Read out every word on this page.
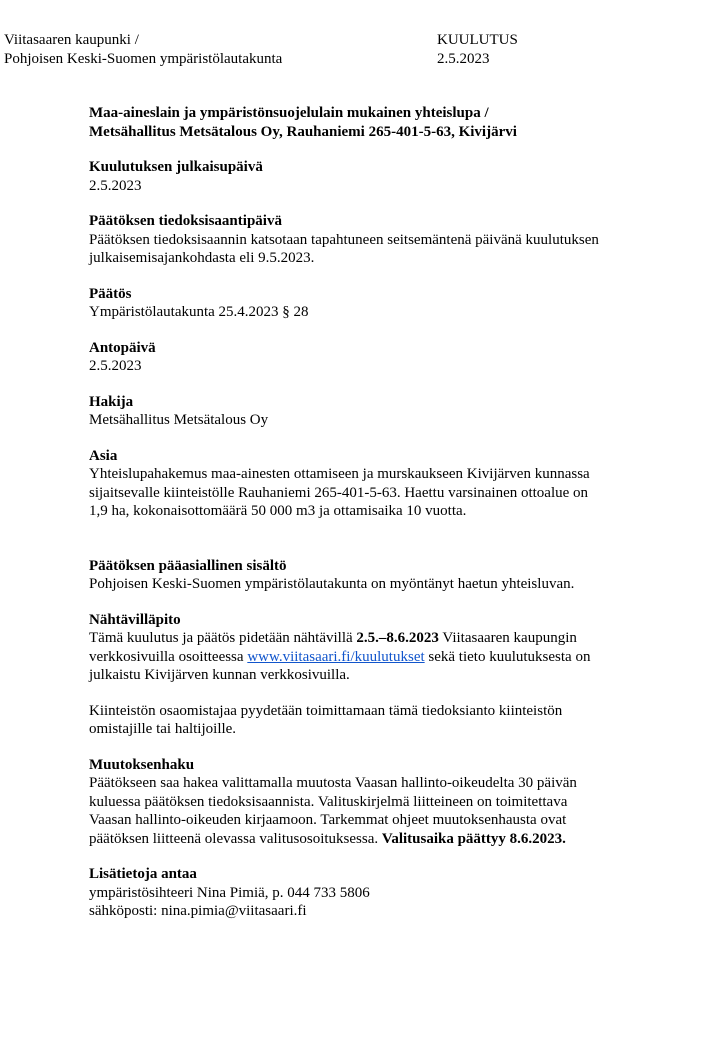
Viitasaaren kaupunki /
Pohjoisen Keski-Suomen ympäristölautakunta
KUULUTUS
2.5.2023
Maa-aineslain ja ympäristönsuojelulain mukainen yhteislupa /
Metsähallitus Metsätalous Oy, Rauhaniemi 265-401-5-63, Kivijärvi
Kuulutuksen julkaisupäivä
2.5.2023
Päätöksen tiedoksisaantipäivä
Päätöksen tiedoksisaannin katsotaan tapahtuneen seitsemäntenä päivänä kuulutuksen
julkaisemisajankohdasta eli 9.5.2023.
Päätös
Ympäristölautakunta 25.4.2023 § 28
Antopäivä
2.5.2023
Hakija
Metsähallitus Metsätalous Oy
Asia
Yhteislupahakemus maa-ainesten ottamiseen ja murskaukseen Kivijärven kunnassa
sijaitsevalle kiinteistölle Rauhaniemi 265-401-5-63. Haettu varsinainen ottoalue on
1,9 ha, kokonaisottomäärä 50 000 m3 ja ottamisaika 10 vuotta.
Päätöksen pääasiallinen sisältö
Pohjoisen Keski-Suomen ympäristölautakunta on myöntänyt haetun yhteisluvan.
Nähtävilläpito
Tämä kuulutus ja päätös pidetään nähtävillä 2.5.–8.6.2023 Viitasaaren kaupungin
verkkosivuilla osoitteessa www.viitasaari.fi/kuulutukset sekä tieto kuulutuksesta on
julkaistu Kivijärven kunnan verkkosivuilla.
Kiinteistön osaomistajaa pyydetään toimittamaan tämä tiedoksianto kiinteistön
omistajille tai haltijoille.
Muutoksenhaku
Päätökseen saa hakea valittamalla muutosta Vaasan hallinto-oikeudelta 30 päivän
kuluessa päätöksen tiedoksisaannista. Valituskirjelmä liitteineen on toimitettava
Vaasan hallinto-oikeuden kirjaamoon. Tarkemmat ohjeet muutoksenhausta ovat
päätöksen liitteenä olevassa valitusosoituksessa. Valitusaika päättyy 8.6.2023.
Lisätietoja antaa
ympäristösihteeri Nina Pimiä, p. 044 733 5806
sähköposti: nina.pimia@viitasaari.fi
